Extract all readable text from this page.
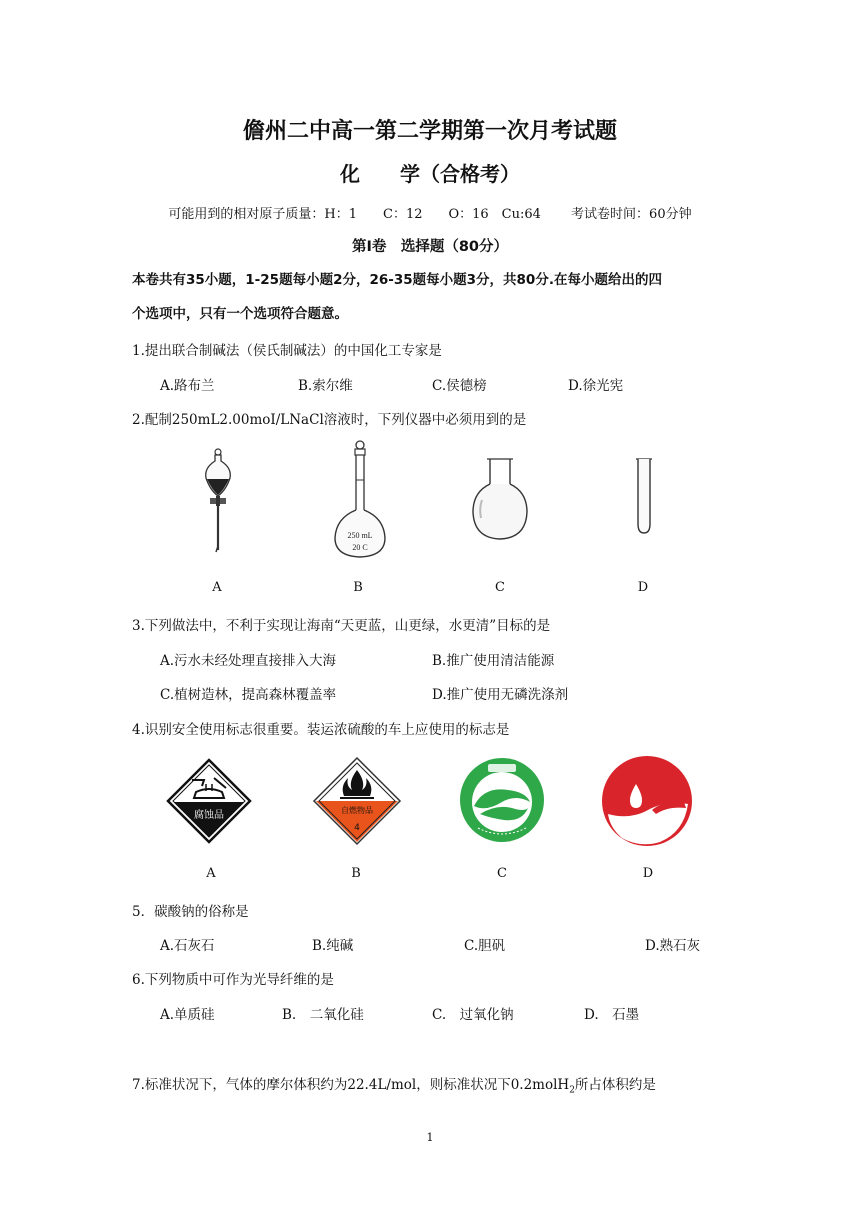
儋州二中高一第二学期第一次月考试题
化　　学（合格考）
可能用到的相对原子质量：H：1　　C：12　　O：16　Cu:64　　 考试卷时间：60分钟
第Ⅰ卷　选择题（80分）
本卷共有35小题，1-25题每小题2分，26-35题每小题3分，共80分.在每小题给出的四
个选项中，只有一个选项符合题意。
1.提出联合制碱法（侯氏制碱法）的中国化工专家是
A.路布兰	B.索尔维	C.侯德榜	D.徐光宪
2.配制250mL2.00moI/LNaCl溶液时，下列仪器中必须用到的是
250 mL
20 C
A	B	C	D
3.下列做法中，不利于实现让海南“天更蓝，山更绿，水更清”目标的是
A.污水未经处理直接排入大海	B.推广使用清洁能源
C.植树造林，提高森林覆盖率	D.推广使用无磷洗涤剂
4.识别安全使用标志很重要。装运浓硫酸的车上应使用的标志是
腐蚀品	自燃物品
4
A	B	C	D
5．碳酸钠的俗称是
A.石灰石	B.纯碱	C.胆矾	D.熟石灰
6.下列物质中可作为光导纤维的是
A.单质硅	B.　二氧化硅	C.　过氧化钠	D.　石墨
7.标准状况下，气体的摩尔体积约为22.4L/mol，则标准状况下0.2molH$_2$所占体积约是
1
